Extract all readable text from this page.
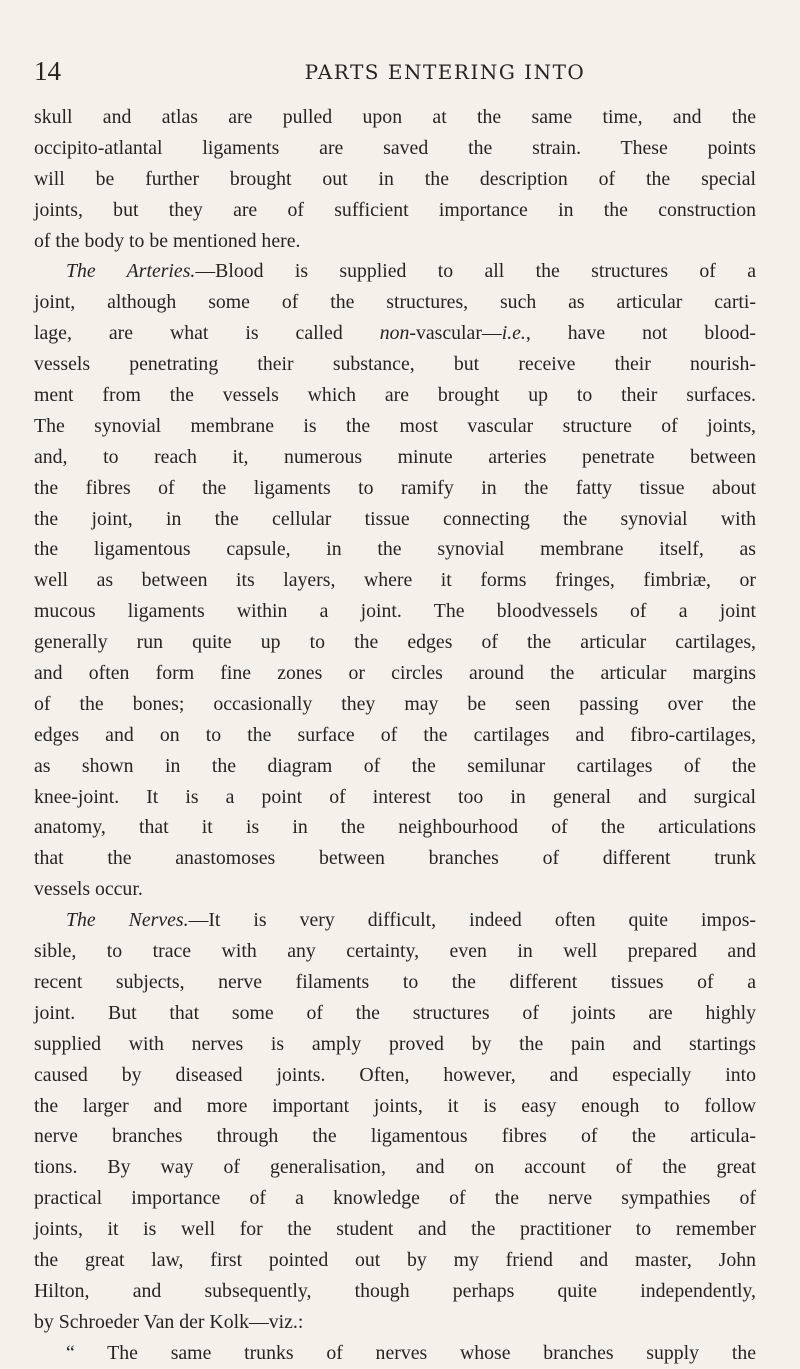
14	PARTS ENTERING INTO
skull and atlas are pulled upon at the same time, and the
occipito-atlantal ligaments are saved the strain. These points
will be further brought out in the description of the special
joints, but they are of sufficient importance in the construction
of the body to be mentioned here.
The Arteries.—Blood is supplied to all the structures of a
joint, although some of the structures, such as articular carti-
lage, are what is called non-vascular—i.e., have not blood-
vessels penetrating their substance, but receive their nourish-
ment from the vessels which are brought up to their surfaces.
The synovial membrane is the most vascular structure of joints,
and, to reach it, numerous minute arteries penetrate between
the fibres of the ligaments to ramify in the fatty tissue about
the joint, in the cellular tissue connecting the synovial with
the ligamentous capsule, in the synovial membrane itself, as
well as between its layers, where it forms fringes, fimbriæ, or
mucous ligaments within a joint. The bloodvessels of a joint
generally run quite up to the edges of the articular cartilages,
and often form fine zones or circles around the articular margins
of the bones; occasionally they may be seen passing over the
edges and on to the surface of the cartilages and fibro-cartilages,
as shown in the diagram of the semilunar cartilages of the
knee-joint. It is a point of interest too in general and surgical
anatomy, that it is in the neighbourhood of the articulations
that the anastomoses between branches of different trunk
vessels occur.
The Nerves.—It is very difficult, indeed often quite impos-
sible, to trace with any certainty, even in well prepared and
recent subjects, nerve filaments to the different tissues of a
joint. But that some of the structures of joints are highly
supplied with nerves is amply proved by the pain and startings
caused by diseased joints. Often, however, and especially into
the larger and more important joints, it is easy enough to follow
nerve branches through the ligamentous fibres of the articula-
tions. By way of generalisation, and on account of the great
practical importance of a knowledge of the nerve sympathies of
joints, it is well for the student and the practitioner to remember
the great law, first pointed out by my friend and master, John
Hilton, and subsequently, though perhaps quite independently,
by Schroeder Van der Kolk—viz.:
“ The same trunks of nerves whose branches supply the
